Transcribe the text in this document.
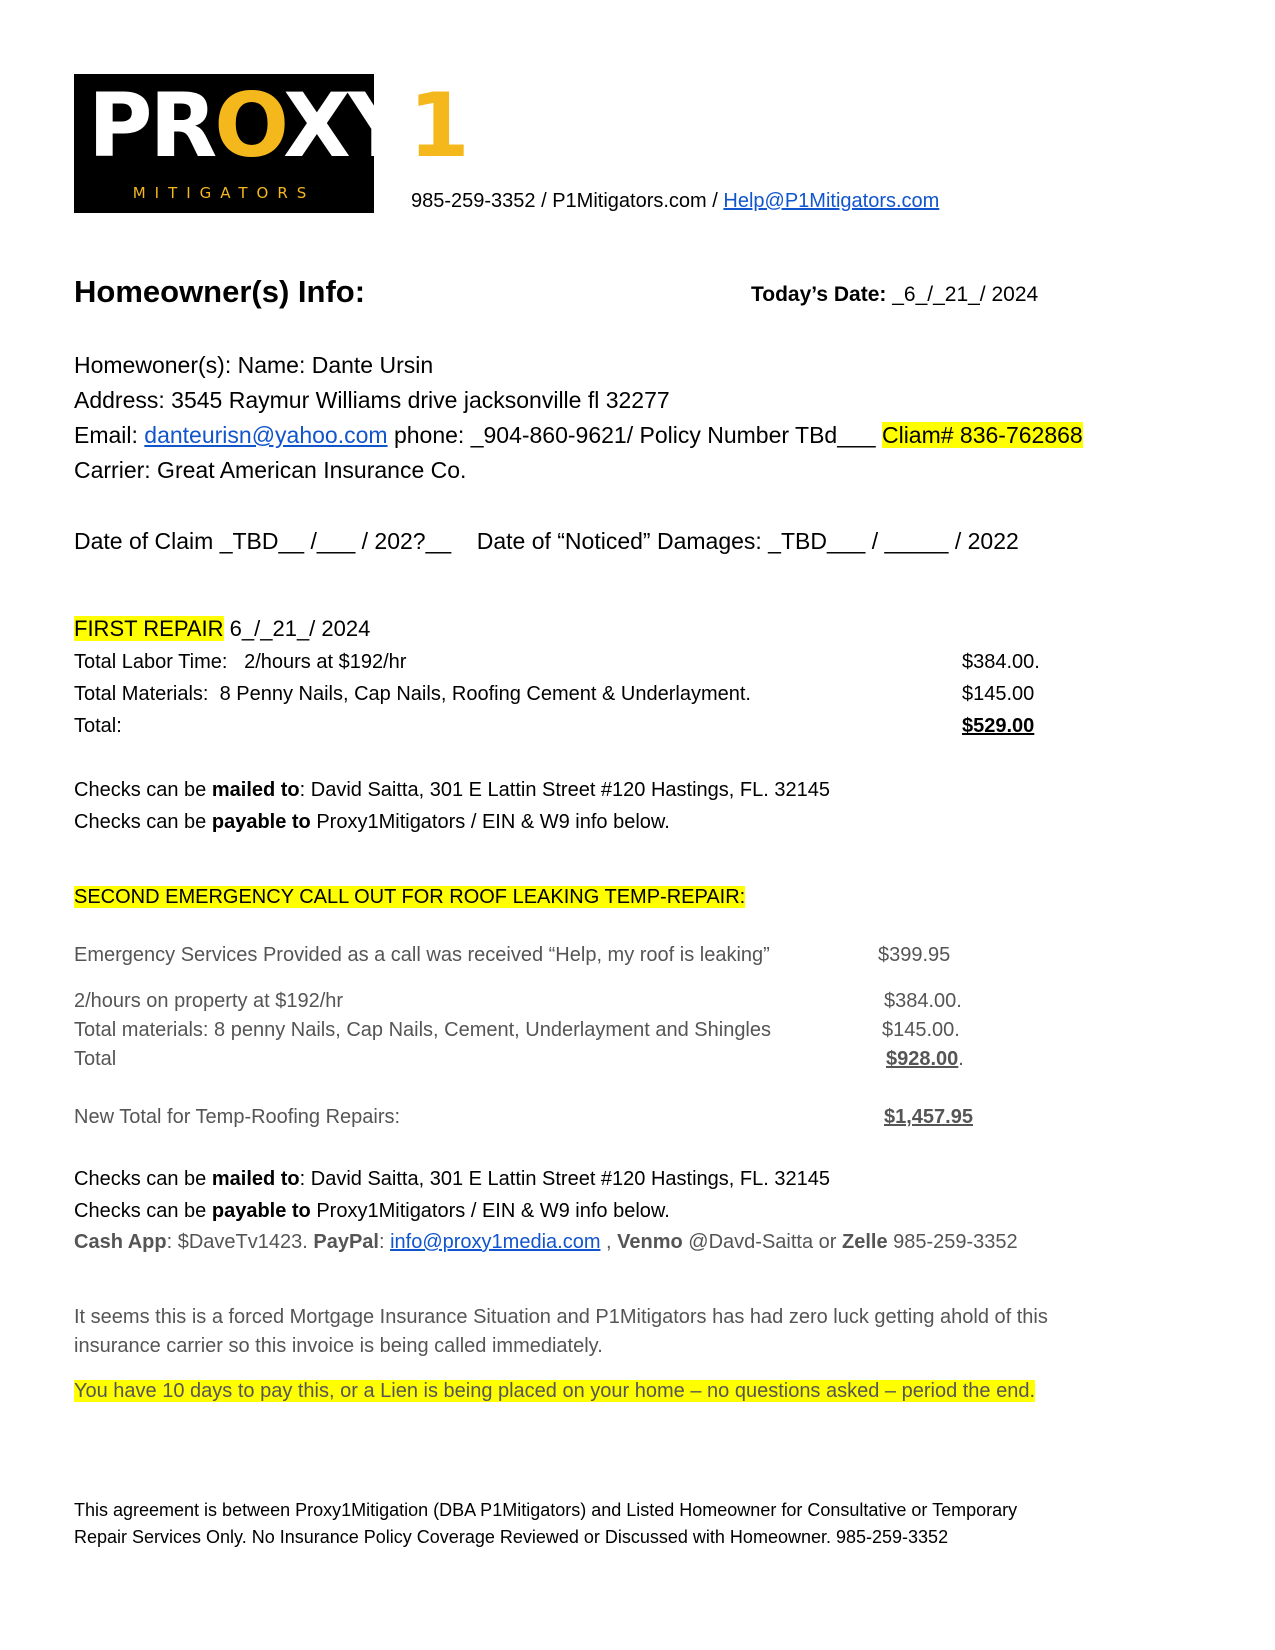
PROXY1
MITIGATORS	985-259-3352 / P1Mitigators.com / Help@P1Mitigators.com
Homeowner(s) Info:	Today’s Date: _6_/_21_/ 2024
Homewoner(s): Name: Dante Ursin
Address: 3545 Raymur Williams drive jacksonville fl 32277
Email: danteurisn@yahoo.com phone: _904-860-9621/ Policy Number TBd___ Cliam# 836-762868
Carrier: Great American Insurance Co.
Date of Claim _TBD__ /___ / 202?__    Date of “Noticed” Damages: _TBD___ / _____ / 2022
FIRST REPAIR 6_/_21_/ 2024
Total Labor Time:   2/hours at $192/hr	$384.00.
Total Materials:  8 Penny Nails, Cap Nails, Roofing Cement & Underlayment.	$145.00
Total:	$529.00
Checks can be mailed to: David Saitta, 301 E Lattin Street #120 Hastings, FL. 32145
Checks can be payable to Proxy1Mitigators / EIN & W9 info below.
SECOND EMERGENCY CALL OUT FOR ROOF LEAKING TEMP-REPAIR:
Emergency Services Provided as a call was received “Help, my roof is leaking”	$399.95
2/hours on property at $192/hr	$384.00.
Total materials: 8 penny Nails, Cap Nails, Cement, Underlayment and Shingles	$145.00.
Total	$928.00.
New Total for Temp-Roofing Repairs:	$1,457.95
Checks can be mailed to: David Saitta, 301 E Lattin Street #120 Hastings, FL. 32145
Checks can be payable to Proxy1Mitigators / EIN & W9 info below.
Cash App: $DaveTv1423. PayPal: info@proxy1media.com , Venmo @Davd-Saitta or Zelle 985-259-3352
It seems this is a forced Mortgage Insurance Situation and P1Mitigators has had zero luck getting ahold of this
insurance carrier so this invoice is being called immediately.
You have 10 days to pay this, or a Lien is being placed on your home – no questions asked – period the end.
This agreement is between Proxy1Mitigation (DBA P1Mitigators) and Listed Homeowner for Consultative or Temporary
Repair Services Only. No Insurance Policy Coverage Reviewed or Discussed with Homeowner. 985-259-3352
